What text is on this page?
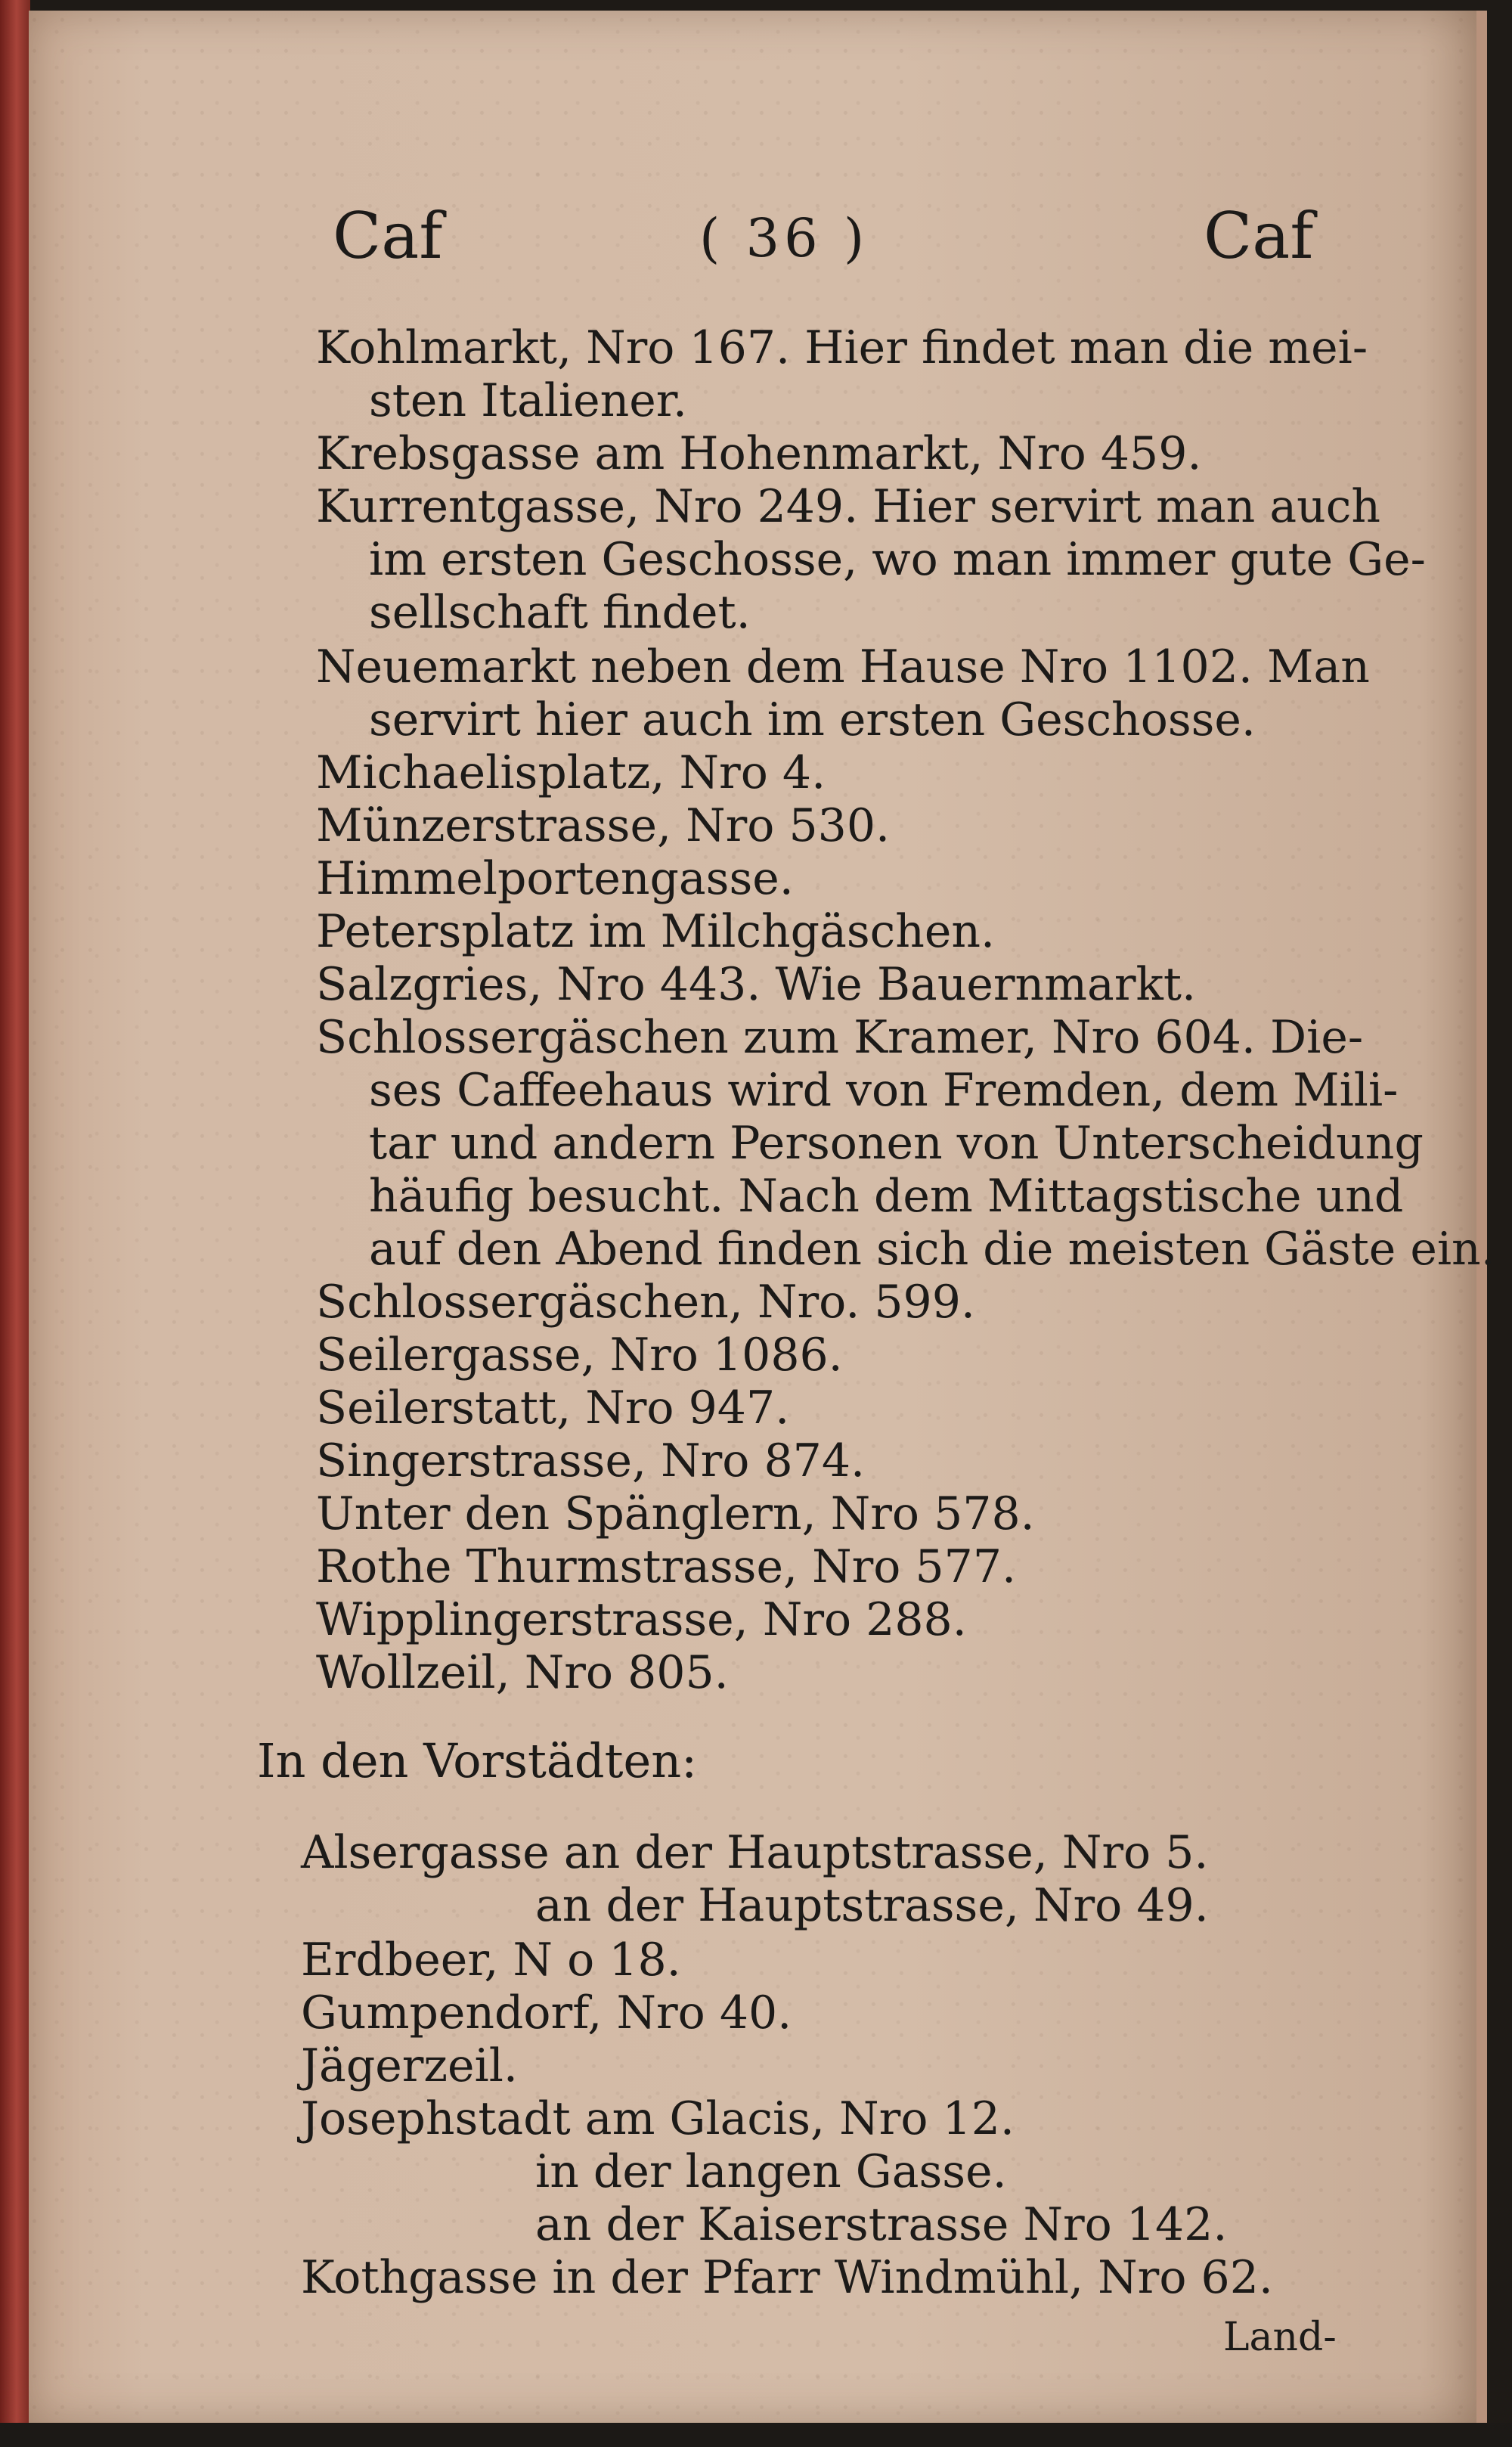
Caf	( 36 )	Caf
Kohlmarkt, Nro 167. Hier findet man die mei-
sten Italiener.
Krebsgasse am Hohenmarkt, Nro 459.
Kurrentgasse, Nro 249. Hier servirt man auch
im ersten Geschosse, wo man immer gute Ge-
sellschaft findet.
Neuemarkt neben dem Hause Nro 1102. Man
servirt hier auch im ersten Geschosse.
Michaelisplatz, Nro 4.
Münzerstrasse, Nro 530.
Himmelportengasse.
Petersplatz im Milchgäschen.
Salzgries, Nro 443. Wie Bauernmarkt.
Schlossergäschen zum Kramer, Nro 604. Die-
ses Caffeehaus wird von Fremden, dem Mili-
tar und andern Personen von Unterscheidung
häufig besucht. Nach dem Mittagstische und
auf den Abend finden sich die meisten Gäste ein.
Schlossergäschen, Nro. 599.
Seilergasse, Nro 1086.
Seilerstatt, Nro 947.
Singerstrasse, Nro 874.
Unter den Spänglern, Nro 578.
Rothe Thurmstrasse, Nro 577.
Wipplingerstrasse, Nro 288.
Wollzeil, Nro 805.
In den Vorstädten:
Alsergasse an der Hauptstrasse, Nro 5.
an der Hauptstrasse, Nro 49.
Erdbeer, N o 18.
Gumpendorf, Nro 40.
Jägerzeil.
Josephstadt am Glacis, Nro 12.
in der langen Gasse.
an der Kaiserstrasse Nro 142.
Kothgasse in der Pfarr Windmühl, Nro 62.
Land-
